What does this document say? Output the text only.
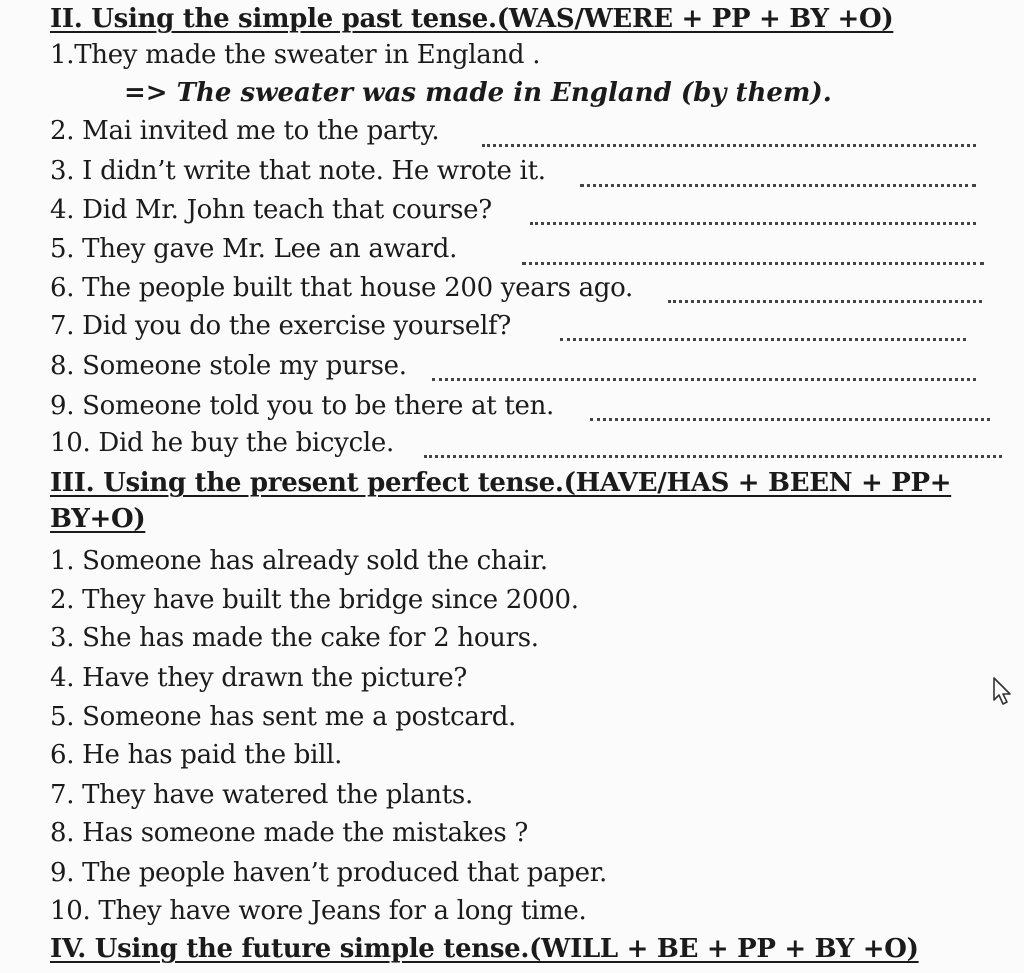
II. Using the simple past tense.(WAS/WERE + PP + BY +O)
1.They made the sweater in England .
=> The sweater was made in England (by them).
2. Mai invited me to the party.
3. I didn’t write that note. He wrote it.
4. Did Mr. John teach that course?
5. They gave Mr. Lee an award.
6. The people built that house 200 years ago.
7. Did you do the exercise yourself?
8. Someone stole my purse.
9. Someone told you to be there at ten.
10. Did he buy the bicycle.
III. Using the present perfect tense.(HAVE/HAS + BEEN + PP+
BY+O)
1. Someone has already sold the chair.
2. They have built the bridge since 2000.
3. She has made the cake for 2 hours.
4. Have they drawn the picture?
5. Someone has sent me a postcard.
6. He has paid the bill.
7. They have watered the plants.
8. Has someone made the mistakes ?
9. The people haven’t produced that paper.
10. They have wore Jeans for a long time.
IV. Using the future simple tense.(WILL + BE + PP + BY +O)
